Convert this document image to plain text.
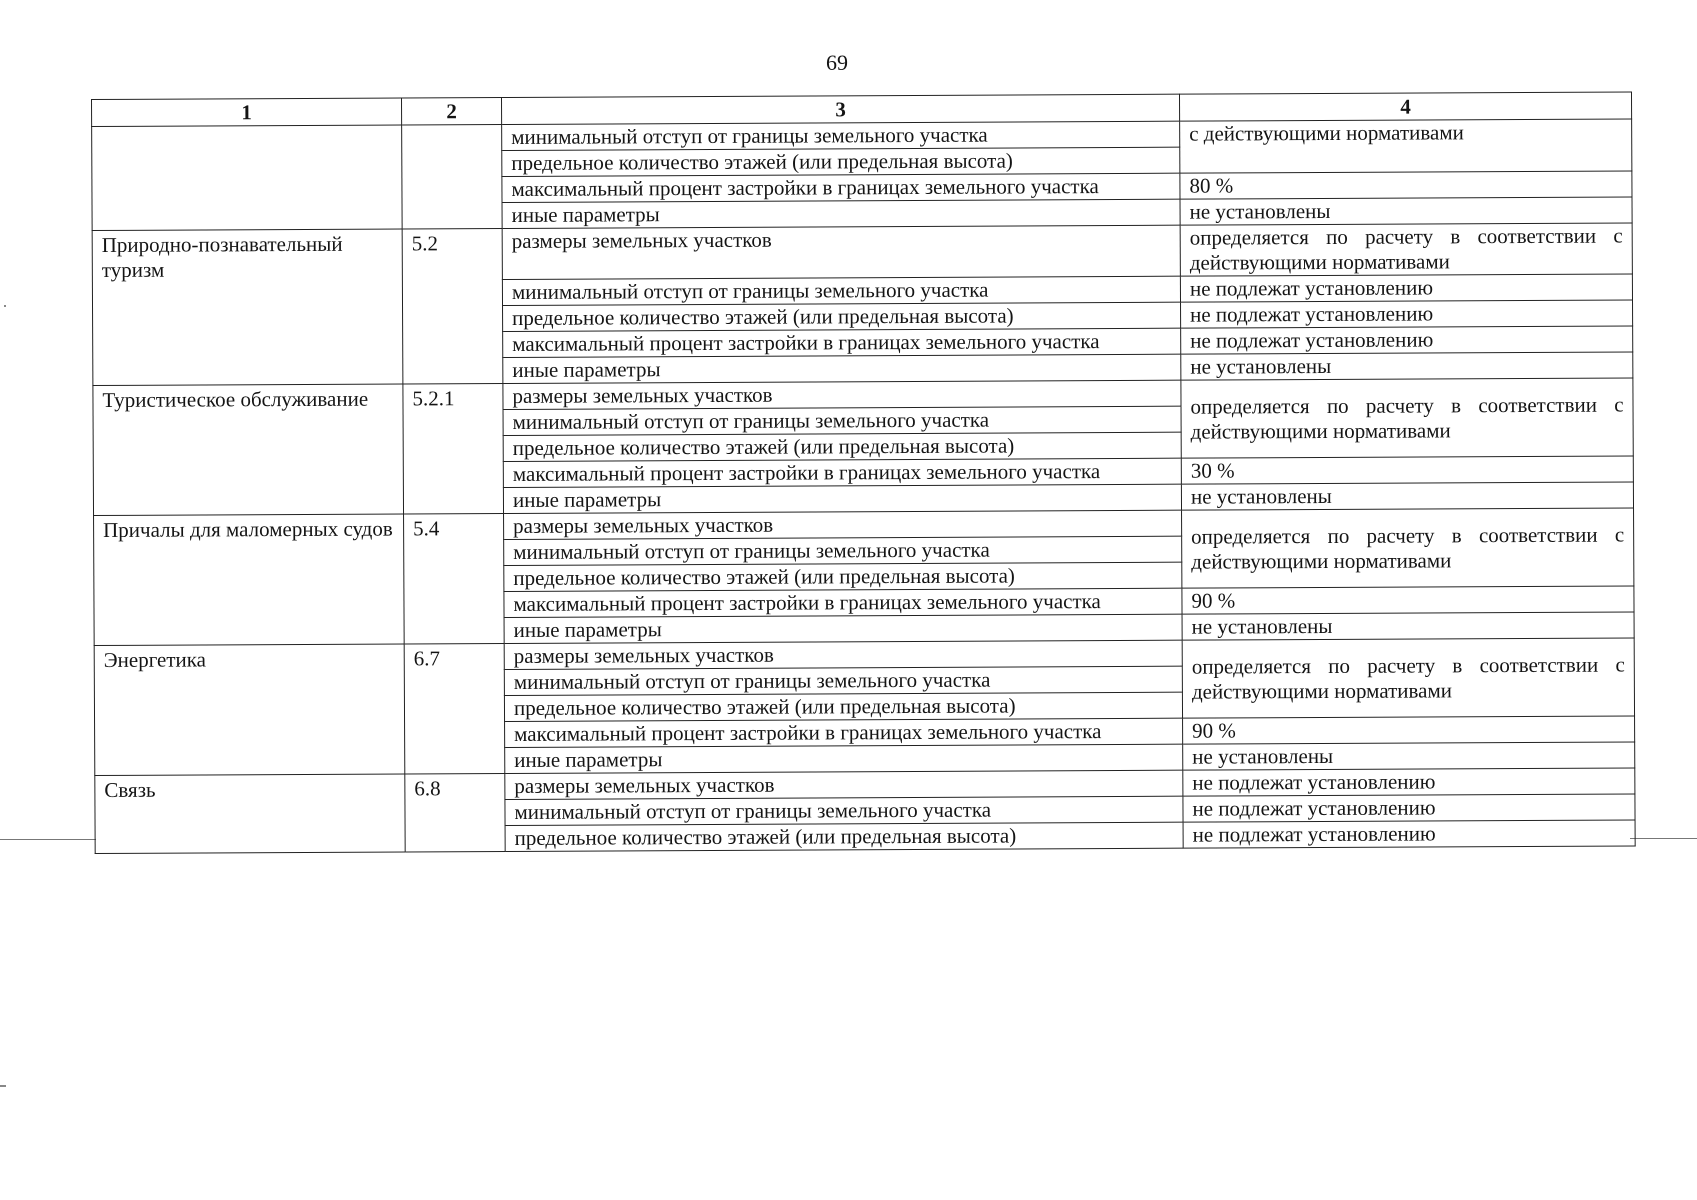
69
1	2	3	4
		минимальный отступ от границы земельного участка	с действующими нормативами
		предельное количество этажей (или предельная высота)	
		максимальный процент застройки в границах земельного участка	80 %
		иные параметры	не установлены
Природно-познавательный туризм	5.2	размеры земельных участков	определяется по расчету в соответствии с действующими нормативами
		минимальный отступ от границы земельного участка	не подлежат установлению
		предельное количество этажей (или предельная высота)	не подлежат установлению
		максимальный процент застройки в границах земельного участка	не подлежат установлению
		иные параметры	не установлены
Туристическое обслуживание	5.2.1	размеры земельных участков	определяется по расчету в соответствии с действующими нормативами
		минимальный отступ от границы земельного участка	
		предельное количество этажей (или предельная высота)	
		максимальный процент застройки в границах земельного участка	30 %
		иные параметры	не установлены
Причалы для маломерных судов	5.4	размеры земельных участков	определяется по расчету в соответствии с действующими нормативами
		минимальный отступ от границы земельного участка	
		предельное количество этажей (или предельная высота)	
		максимальный процент застройки в границах земельного участка	90 %
		иные параметры	не установлены
Энергетика	6.7	размеры земельных участков	определяется по расчету в соответствии с действующими нормативами
		минимальный отступ от границы земельного участка	
		предельное количество этажей (или предельная высота)	
		максимальный процент застройки в границах земельного участка	90 %
		иные параметры	не установлены
Связь	6.8	размеры земельных участков	не подлежат установлению
		минимальный отступ от границы земельного участка	не подлежат установлению
		предельное количество этажей (или предельная высота)	не подлежат установлению
